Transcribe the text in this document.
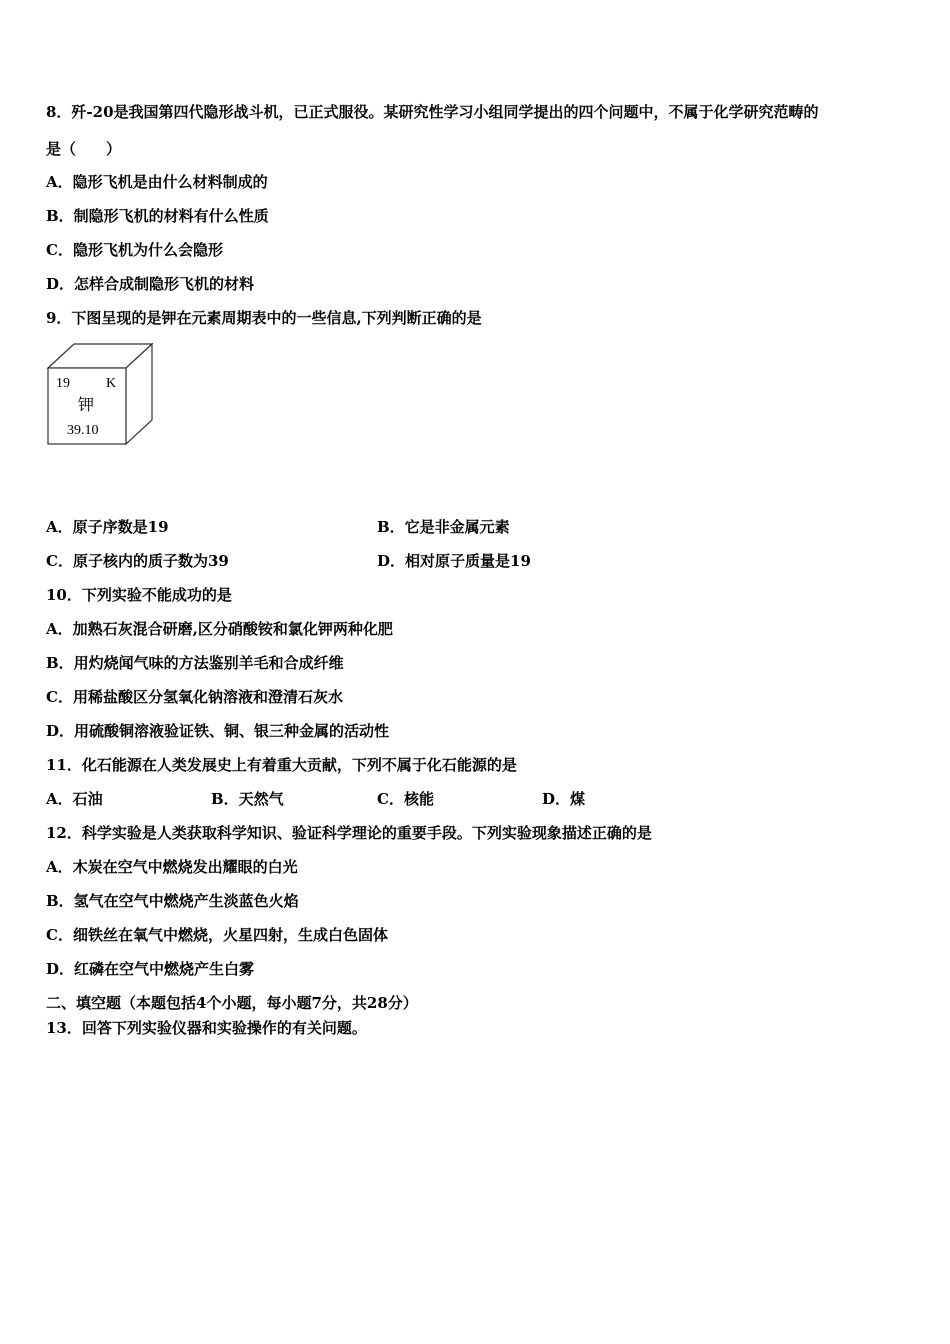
8．歼-20是我国第四代隐形战斗机，已正式服役。某研究性学习小组同学提出的四个问题中，不属于化学研究范畴的
是（　　）
A．隐形飞机是由什么材料制成的
B．制隐形飞机的材料有什么性质
C．隐形飞机为什么会隐形
D．怎样合成制隐形飞机的材料
9．下图呈现的是钾在元素周期表中的一些信息,下列判断正确的是
19	K
钾
39.10
A．原子序数是19	B．它是非金属元素
C．原子核内的质子数为39	D．相对原子质量是19
10．下列实验不能成功的是
A．加熟石灰混合研磨,区分硝酸铵和氯化钾两种化肥
B．用灼烧闻气味的方法鉴别羊毛和合成纤维
C．用稀盐酸区分氢氧化钠溶液和澄清石灰水
D．用硫酸铜溶液验证铁、铜、银三种金属的活动性
11．化石能源在人类发展史上有着重大贡献，下列不属于化石能源的是
A．石油	B．天然气	C．核能	D．煤
12．科学实验是人类获取科学知识、验证科学理论的重要手段。下列实验现象描述正确的是
A．木炭在空气中燃烧发出耀眼的白光
B．氢气在空气中燃烧产生淡蓝色火焰
C．细铁丝在氧气中燃烧，火星四射，生成白色固体
D．红磷在空气中燃烧产生白雾
二、填空题（本题包括4个小题，每小题7分，共28分）
13．回答下列实验仪器和实验操作的有关问题。
